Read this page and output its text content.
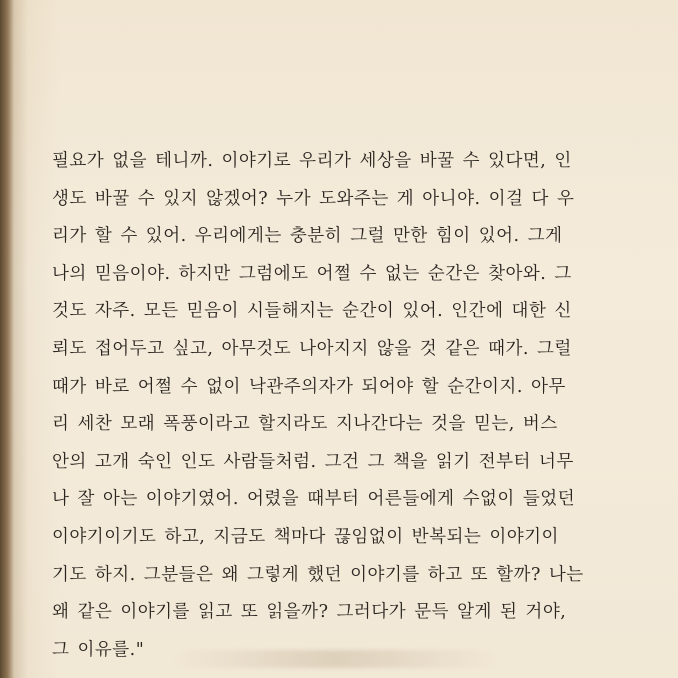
필요가 없을 테니까. 이야기로 우리가 세상을 바꿀 수 있다면, 인
생도 바꿀 수 있지 않겠어? 누가 도와주는 게 아니야. 이걸 다 우
리가 할 수 있어. 우리에게는 충분히 그럴 만한 힘이 있어. 그게
나의 믿음이야. 하지만 그럼에도 어쩔 수 없는 순간은 찾아와. 그
것도 자주. 모든 믿음이 시들해지는 순간이 있어. 인간에 대한 신
뢰도 접어두고 싶고, 아무것도 나아지지 않을 것 같은 때가. 그럴
때가 바로 어쩔 수 없이 낙관주의자가 되어야 할 순간이지. 아무
리 세찬 모래 폭풍이라고 할지라도 지나간다는 것을 믿는, 버스
안의 고개 숙인 인도 사람들처럼. 그건 그 책을 읽기 전부터 너무
나 잘 아는 이야기였어. 어렸을 때부터 어른들에게 수없이 들었던
이야기이기도 하고, 지금도 책마다 끊임없이 반복되는 이야기이
기도 하지. 그분들은 왜 그렇게 했던 이야기를 하고 또 할까? 나는
왜 같은 이야기를 읽고 또 읽을까? 그러다가 문득 알게 된 거야,
그 이유를."
